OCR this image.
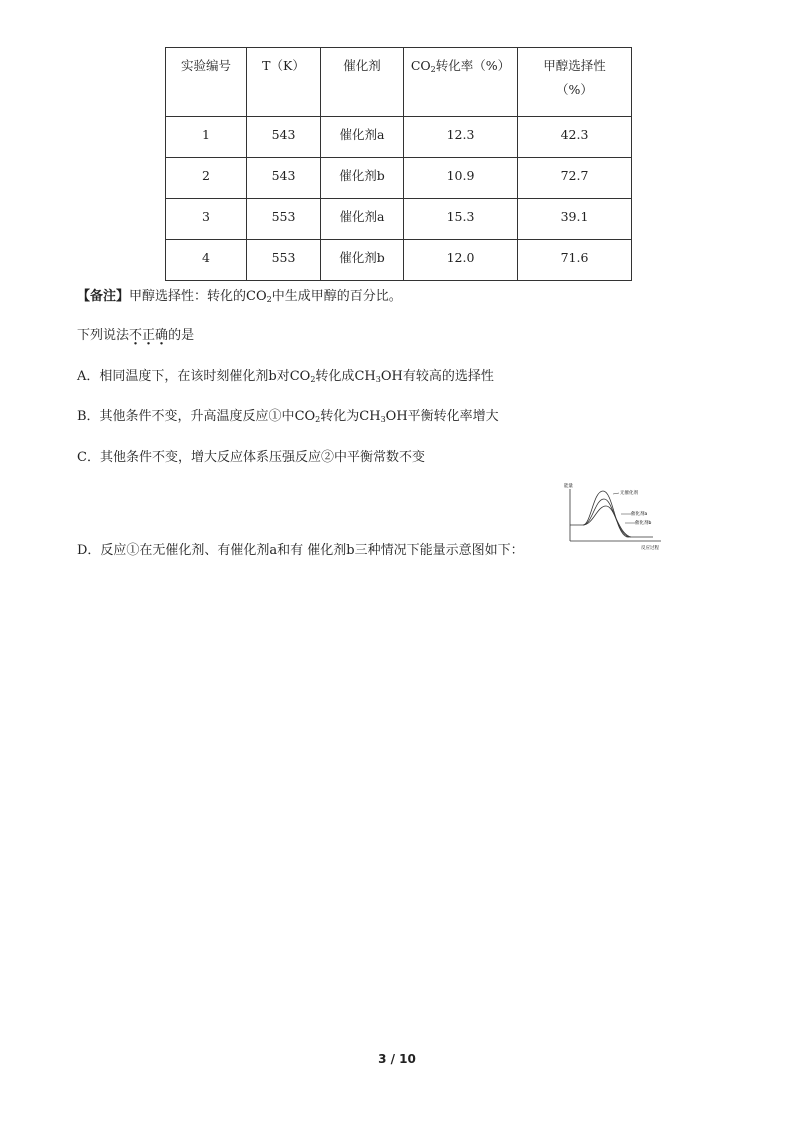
实验编号	T（K）	催化剂	$CO_2$转化率（%）	甲醇选择性
（%）

1	543	催化剂a	12.3	42.3

2	543	催化剂b	10.9	72.7

3	553	催化剂a	15.3	39.1

4	553	催化剂b	12.0	71.6
【备注】甲醇选择性：转化的$CO_2$中生成甲醇的百分比。
下列说法不正确的是
A．相同温度下，在该时刻催化剂b对$CO_2$转化成$CH_3OH$有较高的选择性
B．其他条件不变，升高温度反应①中$CO_2$转化为$CH_3OH$平衡转化率增大
C．其他条件不变，增大反应体系压强反应②中平衡常数不变
D．反应①在无催化剂、有催化剂a和有 催化剂b三种情况下能量示意图如下：
能量
无催化剂
催化剂a
催化剂b
反应过程
3 / 10
